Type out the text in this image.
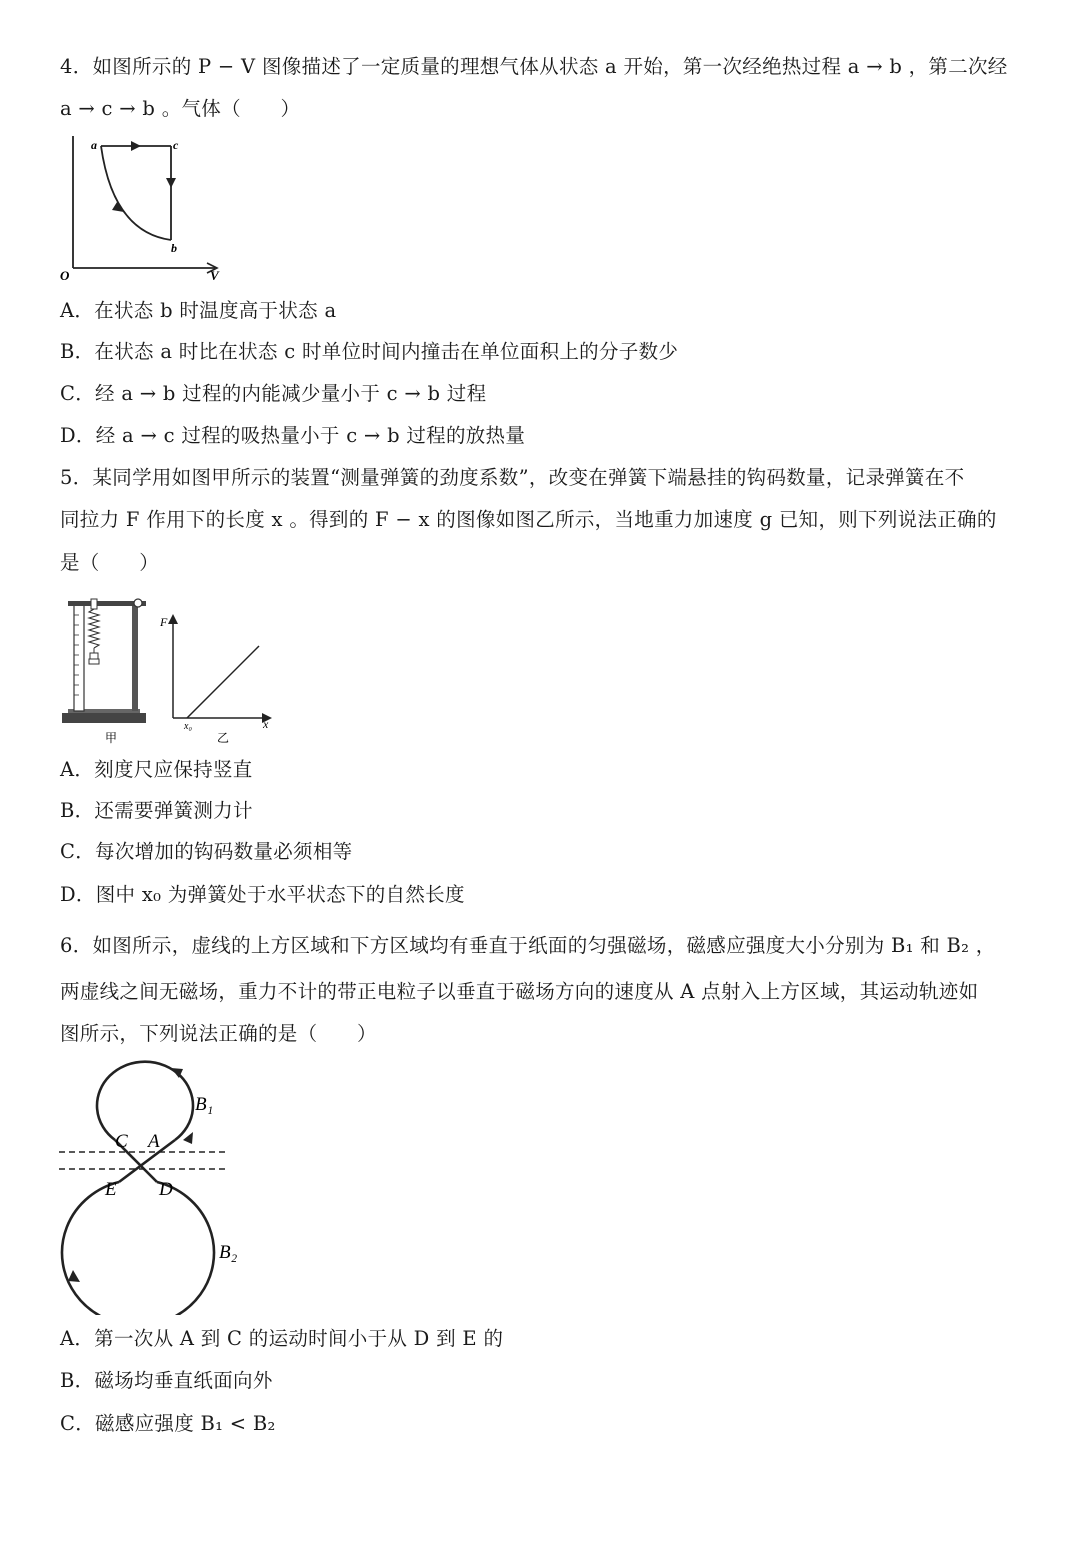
4．如图所示的 P − V 图像描述了一定质量的理想气体从状态 a 开始，第一次经绝热过程 a → b ，第二次经
a → c → b 。气体（　　）
a	c
b
O	V
A．在状态 b 时温度高于状态 a
B．在状态 a 时比在状态 c 时单位时间内撞击在单位面积上的分子数少
C．经 a → b 过程的内能减少量小于 c → b 过程
D．经 a → c 过程的吸热量小于 c → b 过程的放热量
5．某同学用如图甲所示的装置“测量弹簧的劲度系数”，改变在弹簧下端悬挂的钩码数量，记录弹簧在不
同拉力 F 作用下的长度 x 。得到的 F − x 的图像如图乙所示，当地重力加速度 g 已知，则下列说法正确的
是（　　）
甲
F
x
x₀
乙
A．刻度尺应保持竖直
B．还需要弹簧测力计
C．每次增加的钩码数量必须相等
D．图中 x₀ 为弹簧处于水平状态下的自然长度
6．如图所示，虚线的上方区域和下方区域均有垂直于纸面的匀强磁场，磁感应强度大小分别为 B₁ 和 B₂ ，
两虚线之间无磁场，重力不计的带正电粒子以垂直于磁场方向的速度从 A 点射入上方区域，其运动轨迹如
图所示，下列说法正确的是（　　）
B₁
B₂
C A
E D
A．第一次从 A 到 C 的运动时间小于从 D 到 E 的
B．磁场均垂直纸面向外
C．磁感应强度 B₁ < B₂
